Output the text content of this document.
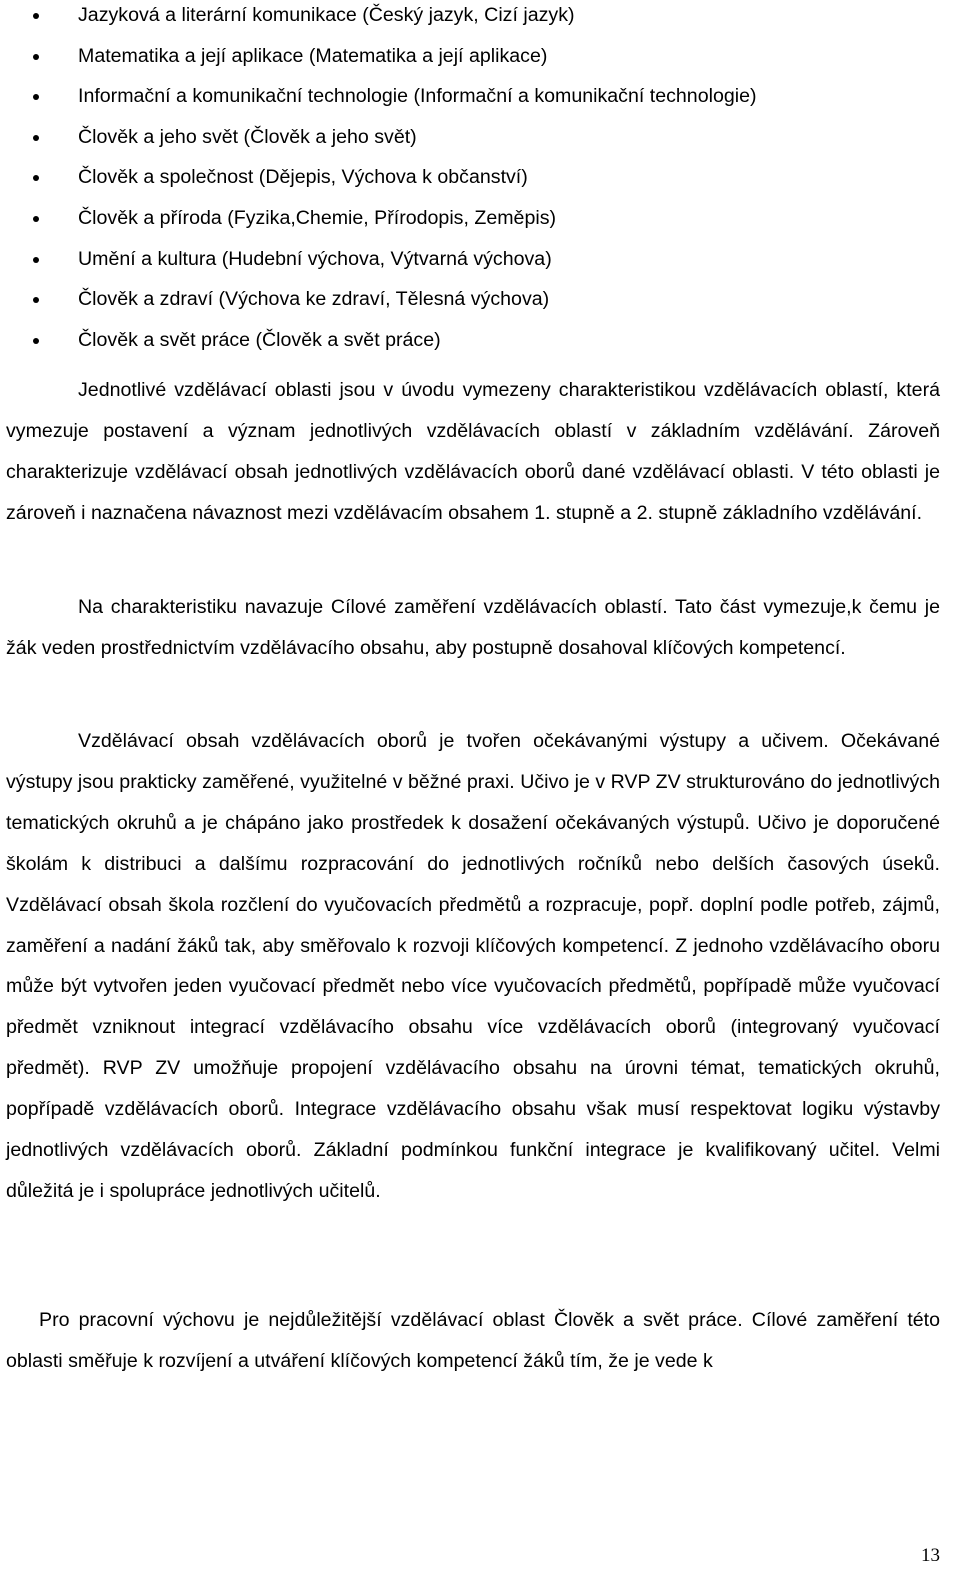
Jazyková a literární komunikace (Český jazyk, Cizí jazyk)
Matematika a její aplikace (Matematika a její aplikace)
Informační a komunikační technologie (Informační a komunikační technologie)
Člověk a jeho svět (Člověk a jeho svět)
Člověk a společnost (Dějepis, Výchova k občanství)
Člověk a příroda (Fyzika,Chemie, Přírodopis, Zeměpis)
Umění a kultura (Hudební výchova, Výtvarná výchova)
Člověk a zdraví (Výchova ke zdraví, Tělesná výchova)
Člověk a svět práce (Člověk a svět práce)

Jednotlivé vzdělávací oblasti jsou v úvodu vymezeny charakteristikou vzdělávacích oblastí, která vymezuje postavení a význam jednotlivých vzdělávacích oblastí v základním vzdělávání. Zároveň charakterizuje vzdělávací obsah jednotlivých vzdělávacích oborů dané vzdělávací oblasti. V této oblasti je zároveň i naznačena návaznost mezi vzdělávacím obsahem 1. stupně a 2. stupně základního vzdělávání.

Na charakteristiku navazuje Cílové zaměření vzdělávacích oblastí. Tato část vymezuje,k čemu je žák veden prostřednictvím vzdělávacího obsahu, aby postupně dosahoval klíčových kompetencí.

Vzdělávací obsah vzdělávacích oborů je tvořen očekávanými výstupy a učivem. Očekávané výstupy jsou prakticky zaměřené, využitelné v běžné praxi. Učivo je v RVP ZV strukturováno do jednotlivých tematických okruhů a je chápáno jako prostředek k dosažení očekávaných výstupů. Učivo je doporučené školám k distribuci a dalšímu rozpracování do jednotlivých ročníků nebo delších časových úseků. Vzdělávací obsah škola rozčlení do vyučovacích předmětů a rozpracuje, popř. doplní podle potřeb, zájmů, zaměření a nadání žáků tak, aby směřovalo k rozvoji klíčových kompetencí. Z jednoho vzdělávacího oboru může být vytvořen jeden vyučovací předmět nebo více vyučovacích předmětů, popřípadě může vyučovací předmět vzniknout integrací vzdělávacího obsahu více vzdělávacích oborů (integrovaný vyučovací předmět). RVP ZV umožňuje propojení vzdělávacího obsahu na úrovni témat, tematických okruhů, popřípadě vzdělávacích oborů. Integrace vzdělávacího obsahu však musí respektovat logiku výstavby jednotlivých vzdělávacích oborů. Základní podmínkou funkční integrace je kvalifikovaný učitel. Velmi důležitá je i spolupráce jednotlivých učitelů.

Pro pracovní výchovu je nejdůležitější vzdělávací oblast Člověk a svět práce. Cílové zaměření této oblasti směřuje k rozvíjení a utváření klíčových kompetencí žáků tím, že je vede k

13
